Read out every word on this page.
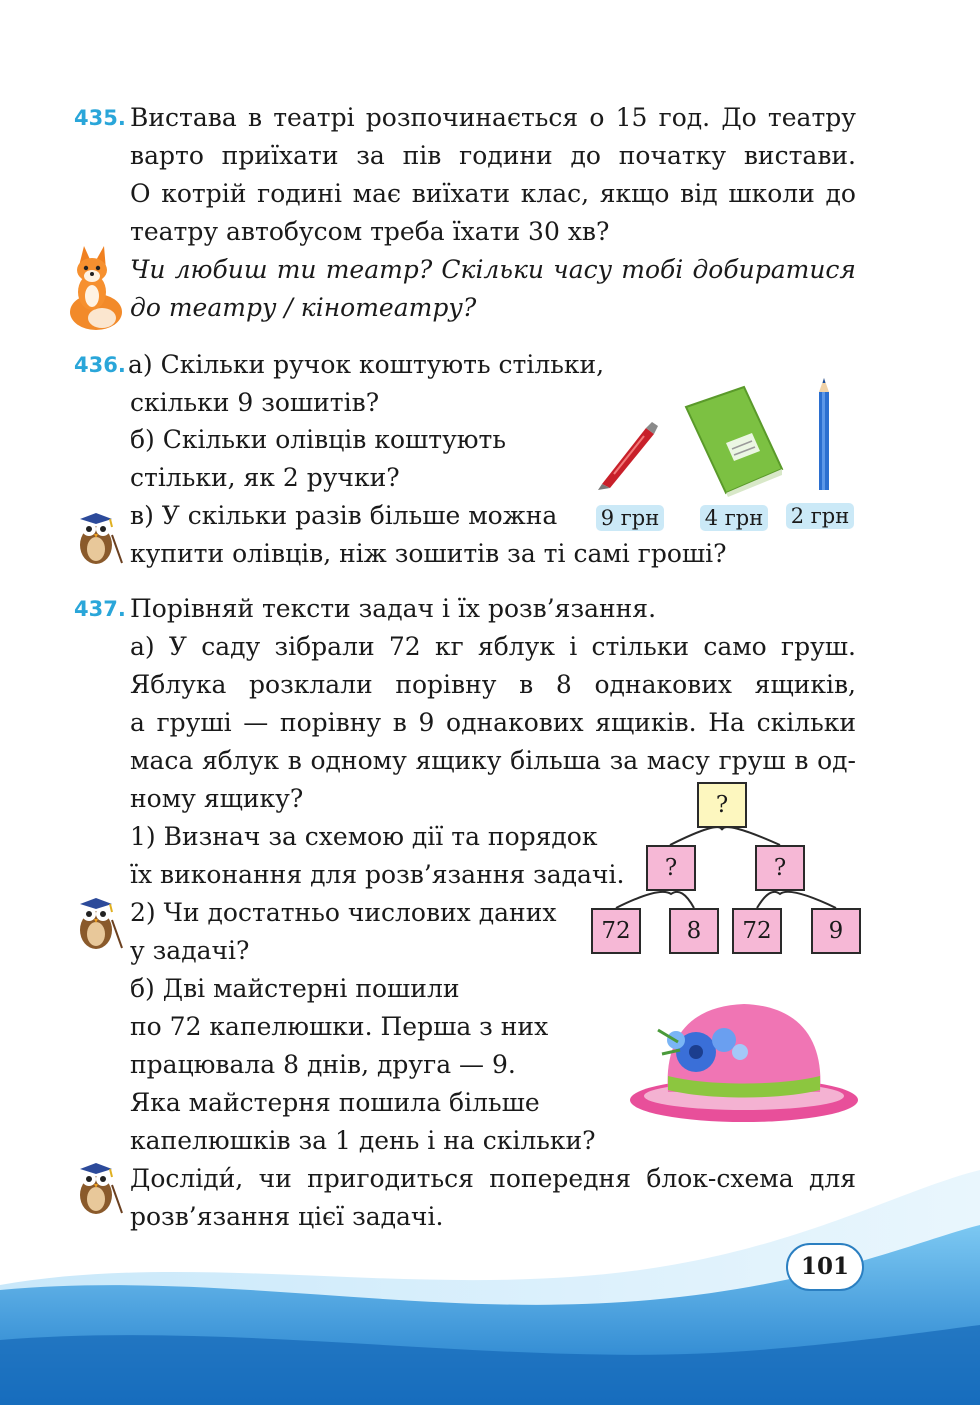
435. Вистава в театрі розпочинається о 15 год. До театру
варто приїхати за пів години до початку вистави.
О котрій годині має виїхати клас, якщо від школи до
театру автобусом треба їхати 30 хв?
Чи любиш ти театр? Скільки часу тобі добиратися
до театру / кінотеатру?
436. а) Скільки ручок коштують стільки,
скільки 9 зошитів?
б) Скільки олівців коштують
стільки, як 2 ручки?
в) У скільки разів більше можна
купити олівців, ніж зошитів за ті самі гроші?
9 грн 4 грн 2 грн
437. Порівняй тексти задач і їх розв’язання.
а) У саду зібрали 72 кг яблук і стільки само груш.
Яблука розклали порівну в 8 однакових ящиків,
а груші — порівну в 9 однакових ящиків. На скільки
маса яблук в одному ящику більша за масу груш в од-
ному ящику?
1) Визнач за схемою дії та порядок
їх виконання для розв’язання задачі.
2) Чи достатньо числових даних
у задачі?
?
?	?
72	8	72	9
б) Дві майстерні пошили
по 72 капелюшки. Перша з них
працювала 8 днів, друга — 9.
Яка майстерня пошила більше
капелюшків за 1 день і на скільки?
Досліди́, чи пригодиться попередня блок-схема для
розв’язання цієї задачі.
101
